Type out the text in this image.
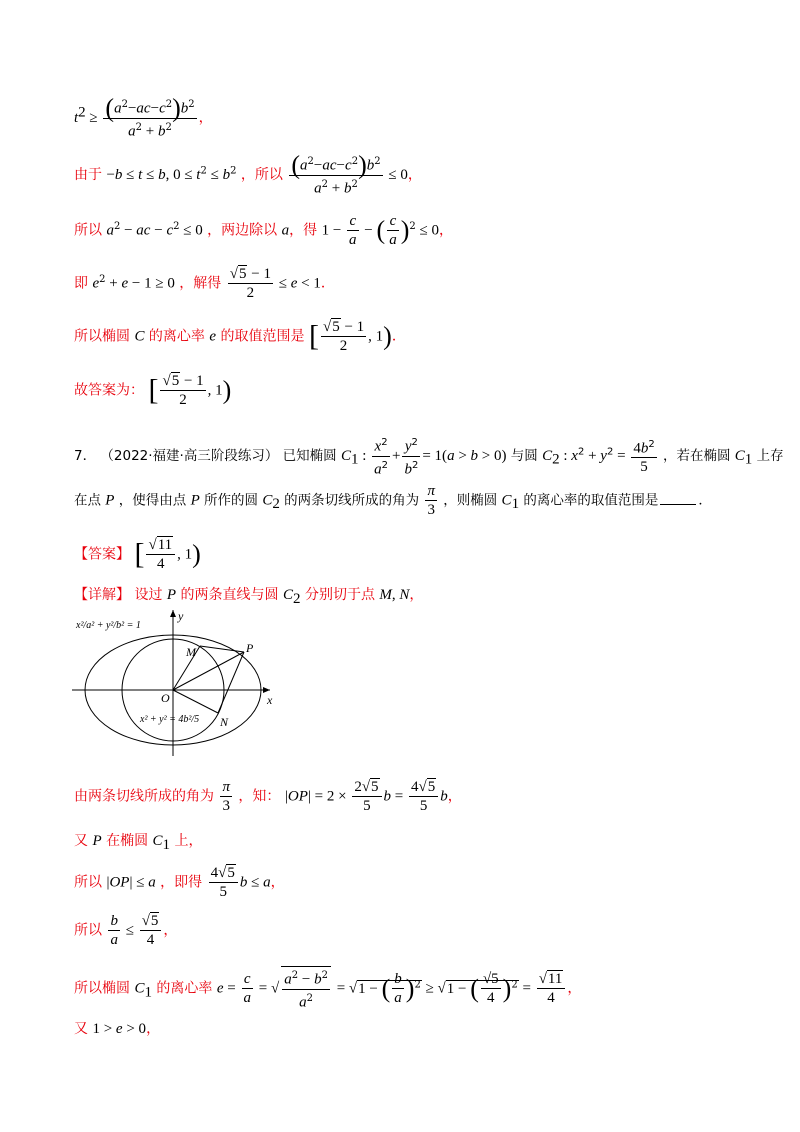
$t^2 \ge \frac{(a^2-ac-c^2)b^2}{a^2 + b^2}$ ，
由于 −b ≤ t ≤ b, $0 \le t^2 \le b^2$ ，所以 $\frac{(a^2-ac-c^2)b^2}{a^2 + b^2} \le 0$，
所以 $a^2$ − ac − $c^2 \le 0$ ，两边除以 a，得 $1 - \frac{c}{a}$ − ( $\frac{c}{a} )^2 \le 0$，
即 $e^2 + e - 1 \ge 0$ ，解得 $\frac{√5 - 1}{2} \le e < 1$．
所以椭圆 C 的离心率 e 的取值范围是 [ $\frac{√5 - 1}{2}$ , 1)．
故答案为： [ $\frac{√5 - 1}{2}$ , 1)
7． （2022·福建·高三阶段练习） 已知椭圆 $C_1$ : $\frac{x^2}{a^2} + \frac{y^2}{b^2} = 1(a > b > 0)$ 与圆 $C_2$ : $x^2 + y^2 = \frac{4b^2}{5}$ ，若在椭圆 $C_1$ 上存
在点 P ，使得由点 P 所作的圆 $C_2$ 的两条切线所成的角为 $\frac{\pi}{3}$ ，则椭圆 $C_1$ 的离心率的取值范围是	．
【答案】 [ $\frac{√11}{4}$ , 1)
【详解】 设过 P 的两条直线与圆 $C_2$ 分别切于点 M, N，
x²/a² + y²/b² = 1
x² + y² = 4b²/5
y
x
O
M
N
P
由两条切线所成的角为 $\frac{\pi}{3}$ ，知： $|OP| = 2 \times \frac{2√5}{5}$ $b = \frac{4√5}{5}$ b，
又 P 在椭圆 $C_1$ 上，
所以 |OP| ≤ a ，即得 $\frac{4√5}{5}$ b ≤ a，
所以 $\frac{b}{a} \le \frac{√5}{4}$ ，
所以椭圆 $C_1$ 的离心率 $e = \frac{c}{a}$ = √ $\frac{a^2 - b^2}{a^2} = √1$ − ( $\frac{b}{a} )^2 \ge √1$ − ( $\frac{√5}{4} )^2 = \frac{√11}{4}$ ，
又 1 > e > 0，
